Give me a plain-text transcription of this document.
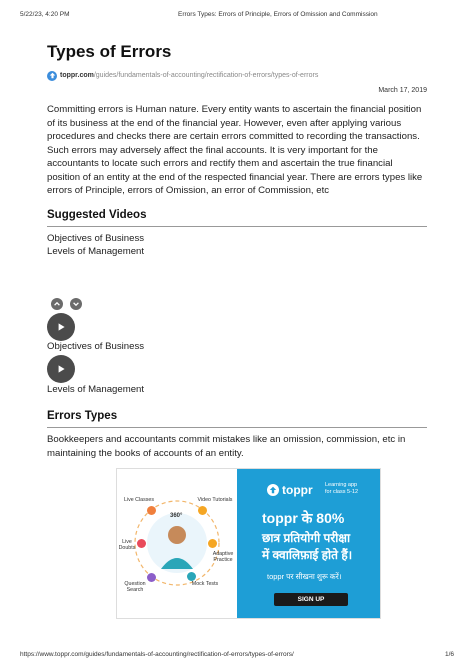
5/22/23, 4:20 PM	Errors Types: Errors of Principle, Errors of Omission and Commission
Types of Errors
toppr.com /guides/fundamentals-of-accounting/rectification-of-errors/types-of-errors
March 17, 2019
Committing errors is Human nature. Every entity wants to ascertain the financial position
of its business at the end of the financial year. However, even after applying various
procedures and checks there are certain errors committed to recording the transactions.
Such errors may adversely affect the final accounts. It is very important for the
accountants to locate such errors and rectify them and ascertain the true financial
position of an entity at the end of the respected financial year. There are errors types like
errors of Principle, errors of Omission, an error of Commission, etc
Suggested Videos
Objectives of Business
Levels of Management
Objectives of Business
Levels of Management
Errors Types
Bookkeepers and accountants commit mistakes like an omission, commission, etc in
maintaining the books of accounts of an entity.
360°
Live Classes	Video Tutorials
Adaptive Practice
Mock Tests
Question Search
Live Doubts
toppr Learning app
for class 5-12
toppr के 80%
छात्र प्रतियोगी परीक्षा
में क्वालिफ़ाई होते हैं।
toppr पर सीखना शुरू करें।
SIGN UP
https://www.toppr.com/guides/fundamentals-of-accounting/rectification-of-errors/types-of-errors/	1/6
